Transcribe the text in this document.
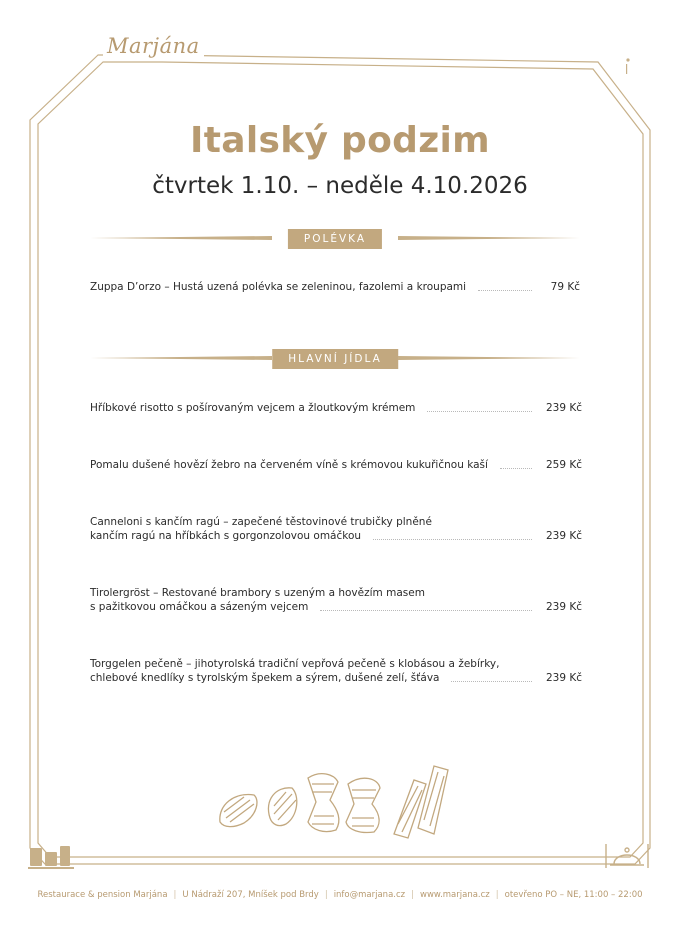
Marjána
Italský podzim
čtvrtek 1.10. – neděle 4.10.2026
POLÉVKA
Zuppa D’orzo – Hustá uzená polévka se zeleninou, fazolemi a kroupami	79 Kč
HLAVNÍ JÍDLA
Hříbkové risotto s pošírovaným vejcem a žloutkovým krémem	239 Kč
Pomalu dušené hovězí žebro na červeném víně s krémovou kukuřičnou kaší	259 Kč
Canneloni s kančím ragú – zapečené těstovinové trubičky plněné
kančím ragú na hříbkách s gorgonzolovou omáčkou	239 Kč
Tirolergröst – Restované brambory s uzeným a hovězím masem
s pažitkovou omáčkou a sázeným vejcem	239 Kč
Torggelen pečeně – jihotyrolská tradiční vepřová pečeně s klobásou a žebírky,
chlebové knedlíky s tyrolským špekem a sýrem, dušené zelí, šťáva	239 Kč
Restaurace & pension Marjána | U Nádraží 207, Mníšek pod Brdy | info@marjana.cz | www.marjana.cz | otevřeno PO – NE, 11:00 – 22:00
